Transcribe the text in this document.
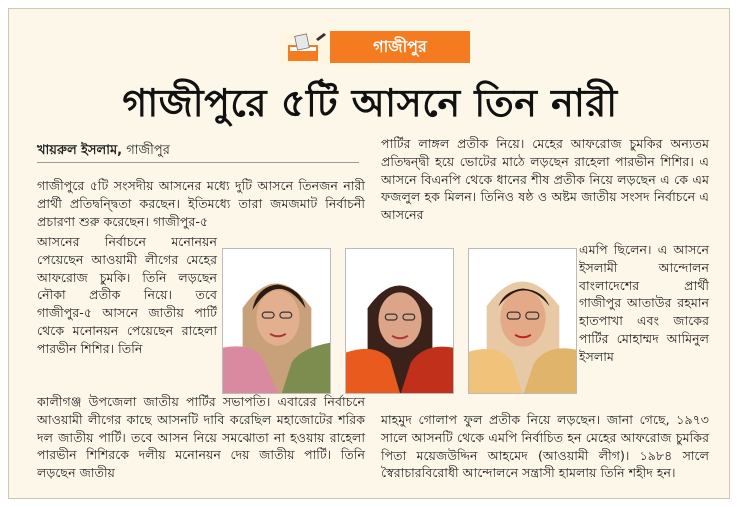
গাজীপুর
গাজীপুরে ৫টি আসনে তিন নারী
খায়রুল ইসলাম, গাজীপুর

গাজীপুরে ৫টি সংসদীয় আসনের মধ্যে দুটি আসনে তিনজন নারী প্রার্থী প্রতিদ্বন্দ্বিতা করছেন। ইতিমধ্যে তারা জমজমাট নির্বাচনী প্রচারণা শুরু করেছেন। গাজীপুর-৫

আসনের নির্বাচনে মনোনয়ন পেয়েছেন আওয়ামী লীগের মেহের আফরোজ চুমকি। তিনি লড়ছেন নৌকা প্রতীক নিয়ে। তবে গাজীপুর-৫ আসনে জাতীয় পার্টি থেকে মনোনয়ন পেয়েছেন রাহেলা পারভীন শিশির। তিনি

কালীগঞ্জ উপজেলা জাতীয় পার্টির সভাপতি। এবারের নির্বাচনে আওয়ামী লীগের কাছে আসনটি দাবি করেছিল মহাজোটের শরিক দল জাতীয় পার্টি। তবে আসন নিয়ে সমঝোতা না হওয়ায় রাহেলা পারভীন শিশিরকে দলীয় মনোনয়ন দেয় জাতীয় পার্টি। তিনি লড়ছেন জাতীয়

পার্টির লাঙ্গল প্রতীক নিয়ে। মেহের আফরোজ চুমকির অন্যতম প্রতিদ্বন্দ্বী হয়ে ভোটের মাঠে লড়ছেন রাহেলা পারভীন শিশির। এ আসনে বিএনপি থেকে ধানের শীষ প্রতীক নিয়ে লড়ছেন এ কে এম ফজলুল হক মিলন। তিনিও ষষ্ঠ ও অষ্টম জাতীয় সংসদ নির্বাচনে এ আসনের

এমপি ছিলেন। এ আসনে ইসলামী আন্দোলন বাংলাদেশের প্রার্থী গাজীপুর আতাউর রহমান হাতপাখা এবং জাকের পার্টির মোহাম্মদ আমিনুল ইসলাম

মাহমুদ গোলাপ ফুল প্রতীক নিয়ে লড়ছেন। জানা গেছে, ১৯৭৩ সালে আসনটি থেকে এমপি নির্বাচিত হন মেহের আফরোজ চুমকির পিতা ময়েজউদ্দিন আহমেদ (আওয়ামী লীগ)। ১৯৮৪ সালে স্বৈরাচারবিরোধী আন্দোলনে সন্ত্রাসী হামলায় তিনি শহীদ হন।
